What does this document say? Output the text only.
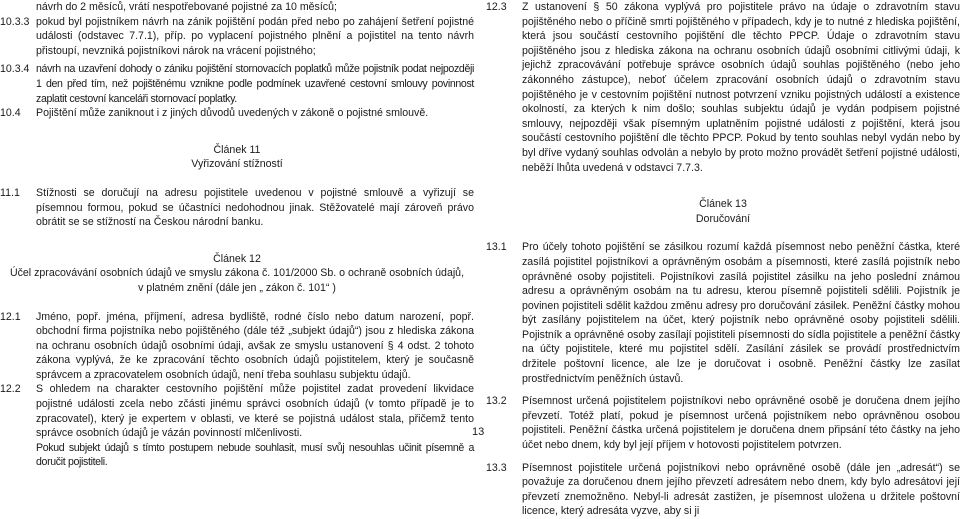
návrh do 2 měsíců, vrátí nespotřebované pojistné za 10 měsíců;

10.3.3 pokud byl pojistníkem návrh na zánik pojištění podán před nebo po zahájení šetření pojistné události (odstavec 7.7.1), příp. po vyplacení pojistného plnění a pojistitel na tento návrh přistoupí, nevzniká pojistníkovi nárok na vrácení pojistného;
10.3.4 návrh na uzavření dohody o zániku pojištění stornovacích poplatků může pojistník podat nejpozději 1 den před tím, než pojištěnému vznikne podle podmínek uzavřené cestovní smlouvy povinnost zaplatit cestovní kanceláři stornovací poplatky.
10.4	Pojištění může zaniknout i z jiných důvodů uvedených v zákoně o pojistné smlouvě.

Článek 11

Vyřizování stížností

11.1	Stížnosti se doručují na adresu pojistitele uvedenou v pojistné smlouvě a vyřizují se písemnou formou, pokud se účastníci nedohodnou jinak. Stěžovatelé mají zároveň právo obrátit se se stížností na Českou národní banku.

Článek 12

Účel zpracovávání osobních údajů ve smyslu zákona č. 101/2000 Sb. o ochraně osobních údajů,

v platném znění (dále jen „ zákon č. 101“ )

12.1	Jméno, popř. jména, příjmení, adresa bydliště, rodné číslo nebo datum narození, popř. obchodní firma pojistníka nebo pojištěného (dále též „subjekt údajů“) jsou z hlediska zákona na ochranu osobních údajů osobními údaji, avšak ze smyslu ustanovení § 4 odst. 2 tohoto zákona vyplývá, že ke zpracování těchto osobních údajů pojistitelem, který je současně správcem a zpracovatelem osobních údajů, není třeba souhlasu subjektu údajů.
12.2	S ohledem na charakter cestovního pojištění může pojistitel zadat provedení likvidace pojistné události zcela nebo zčásti jinému správci osobních údajů (v tomto případě je to zpracovatel), který je expertem v oblasti, ve které se pojistná událost stala, přičemž tento správce osobních údajů je vázán povinností mlčenlivosti.
Pokud subjekt údajů s tímto postupem nebude souhlasit, musí svůj nesouhlas učinit písemně a doručit pojistiteli.
12.3	Z ustanovení § 50 zákona vyplývá pro pojistitele právo na údaje o zdravotním stavu pojištěného nebo o příčině smrti pojištěného v případech, kdy je to nutné z hlediska pojištění, která jsou součástí cestovního pojištění dle těchto PPCP. Údaje o zdravotním stavu pojištěného jsou z hlediska zákona na ochranu osobních údajů osobními citlivými údaji, k jejichž zpracovávání potřebuje správce osobních údajů souhlas pojištěného (nebo jeho zákonného zástupce), neboť účelem zpracování osobních údajů o zdravotním stavu pojištěného je v cestovním pojištění nutnost potvrzení vzniku pojistných událostí a existence okolností, za kterých k nim došlo; souhlas subjektu údajů je vydán podpisem pojistné smlouvy, nejpozději však písemným uplatněním pojistné události z pojištění, která jsou součástí cestovního pojištění dle těchto PPCP. Pokud by tento souhlas nebyl vydán nebo by byl dříve vydaný souhlas odvolán a nebylo by proto možno provádět šetření pojistné události, neběží lhůta uvedená v odstavci 7.7.3.

Článek 13

Doručování

13.1	Pro účely tohoto pojištění se zásilkou rozumí každá písemnost nebo peněžní částka, které zasílá pojistitel pojistníkovi a oprávněným osobám a písemnosti, které zasílá pojistník nebo oprávněné osoby pojistiteli. Pojistníkovi zasílá pojistitel zásilku na jeho poslední známou adresu a oprávněným osobám na tu adresu, kterou písemně pojistiteli sdělili. Pojistník je povinen pojistiteli sdělit každou změnu adresy pro doručování zásilek. Peněžní částky mohou být zasílány pojistitelem na účet, který pojistník nebo oprávněné osoby pojistiteli sdělili. Pojistník a oprávněné osoby zasílají pojistiteli písemnosti do sídla pojistitele a peněžní částky na účty pojistitele, které mu pojistitel sdělí. Zasílání zásilek se provádí prostřednictvím držitele poštovní licence, ale lze je doručovat i osobně. Peněžní částky lze zasílat prostřednictvím peněžních ústavů.
13.2	Písemnost určená pojistitelem pojistníkovi nebo oprávněné osobě je doručena dnem jejího převzetí. Totéž platí, pokud je písemnost určená pojistníkem nebo oprávněnou osobou pojistiteli. Peněžní částka určená pojistitelem je doručena dnem připsání této částky na jeho účet nebo dnem, kdy byl její příjem v hotovosti pojistitelem potvrzen.
13.3	Písemnost pojistitele určená pojistníkovi nebo oprávněné osobě (dále jen „adresát“) se považuje za doručenou dnem jejího převzetí adresátem nebo dnem, kdy bylo adresátovi její převzetí znemožněno. Nebyl-li adresát zastižen, je písemnost uložena u držitele poštovní licence, který adresáta vyzve, aby si ji
13
